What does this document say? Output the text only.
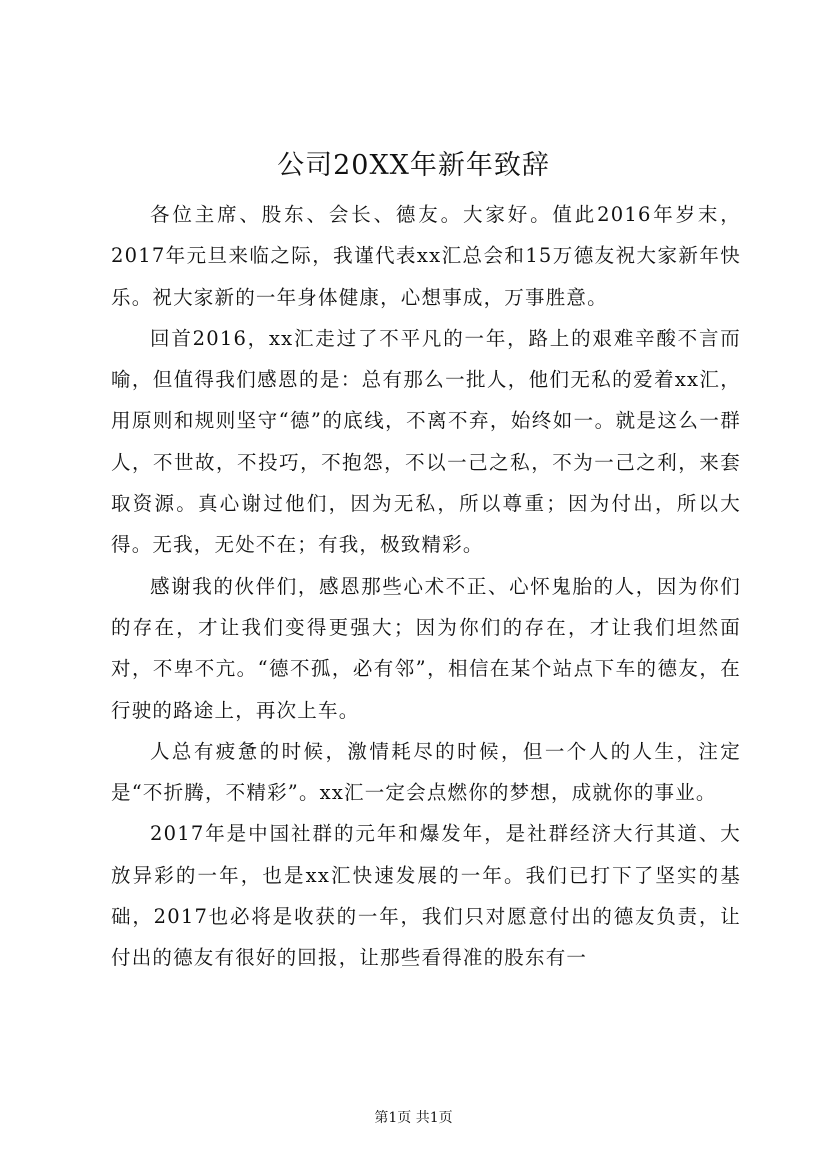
公司20XX年新年致辞

各位主席、股东、会长、德友。大家好。值此2016年岁末，2017年元旦来临之际，我谨代表xx汇总会和15万德友祝大家新年快乐。祝大家新的一年身体健康，心想事成，万事胜意。

回首2016，xx汇走过了不平凡的一年，路上的艰难辛酸不言而喻，但值得我们感恩的是：总有那么一批人，他们无私的爱着xx汇，用原则和规则坚守“德”的底线，不离不弃，始终如一。就是这么一群人，不世故，不投巧，不抱怨，不以一己之私，不为一己之利，来套取资源。真心谢过他们，因为无私，所以尊重；因为付出，所以大得。无我，无处不在；有我，极致精彩。

感谢我的伙伴们，感恩那些心术不正、心怀鬼胎的人，因为你们的存在，才让我们变得更强大；因为你们的存在，才让我们坦然面对，不卑不亢。“德不孤，必有邻”，相信在某个站点下车的德友，在行驶的路途上，再次上车。

人总有疲惫的时候，激情耗尽的时候，但一个人的人生，注定是“不折腾，不精彩”。xx汇一定会点燃你的梦想，成就你的事业。

2017年是中国社群的元年和爆发年，是社群经济大行其道、大放异彩的一年，也是xx汇快速发展的一年。我们已打下了坚实的基础，2017也必将是收获的一年，我们只对愿意付出的德友负责，让付出的德友有很好的回报，让那些看得准的股东有一

第1页 共1页
